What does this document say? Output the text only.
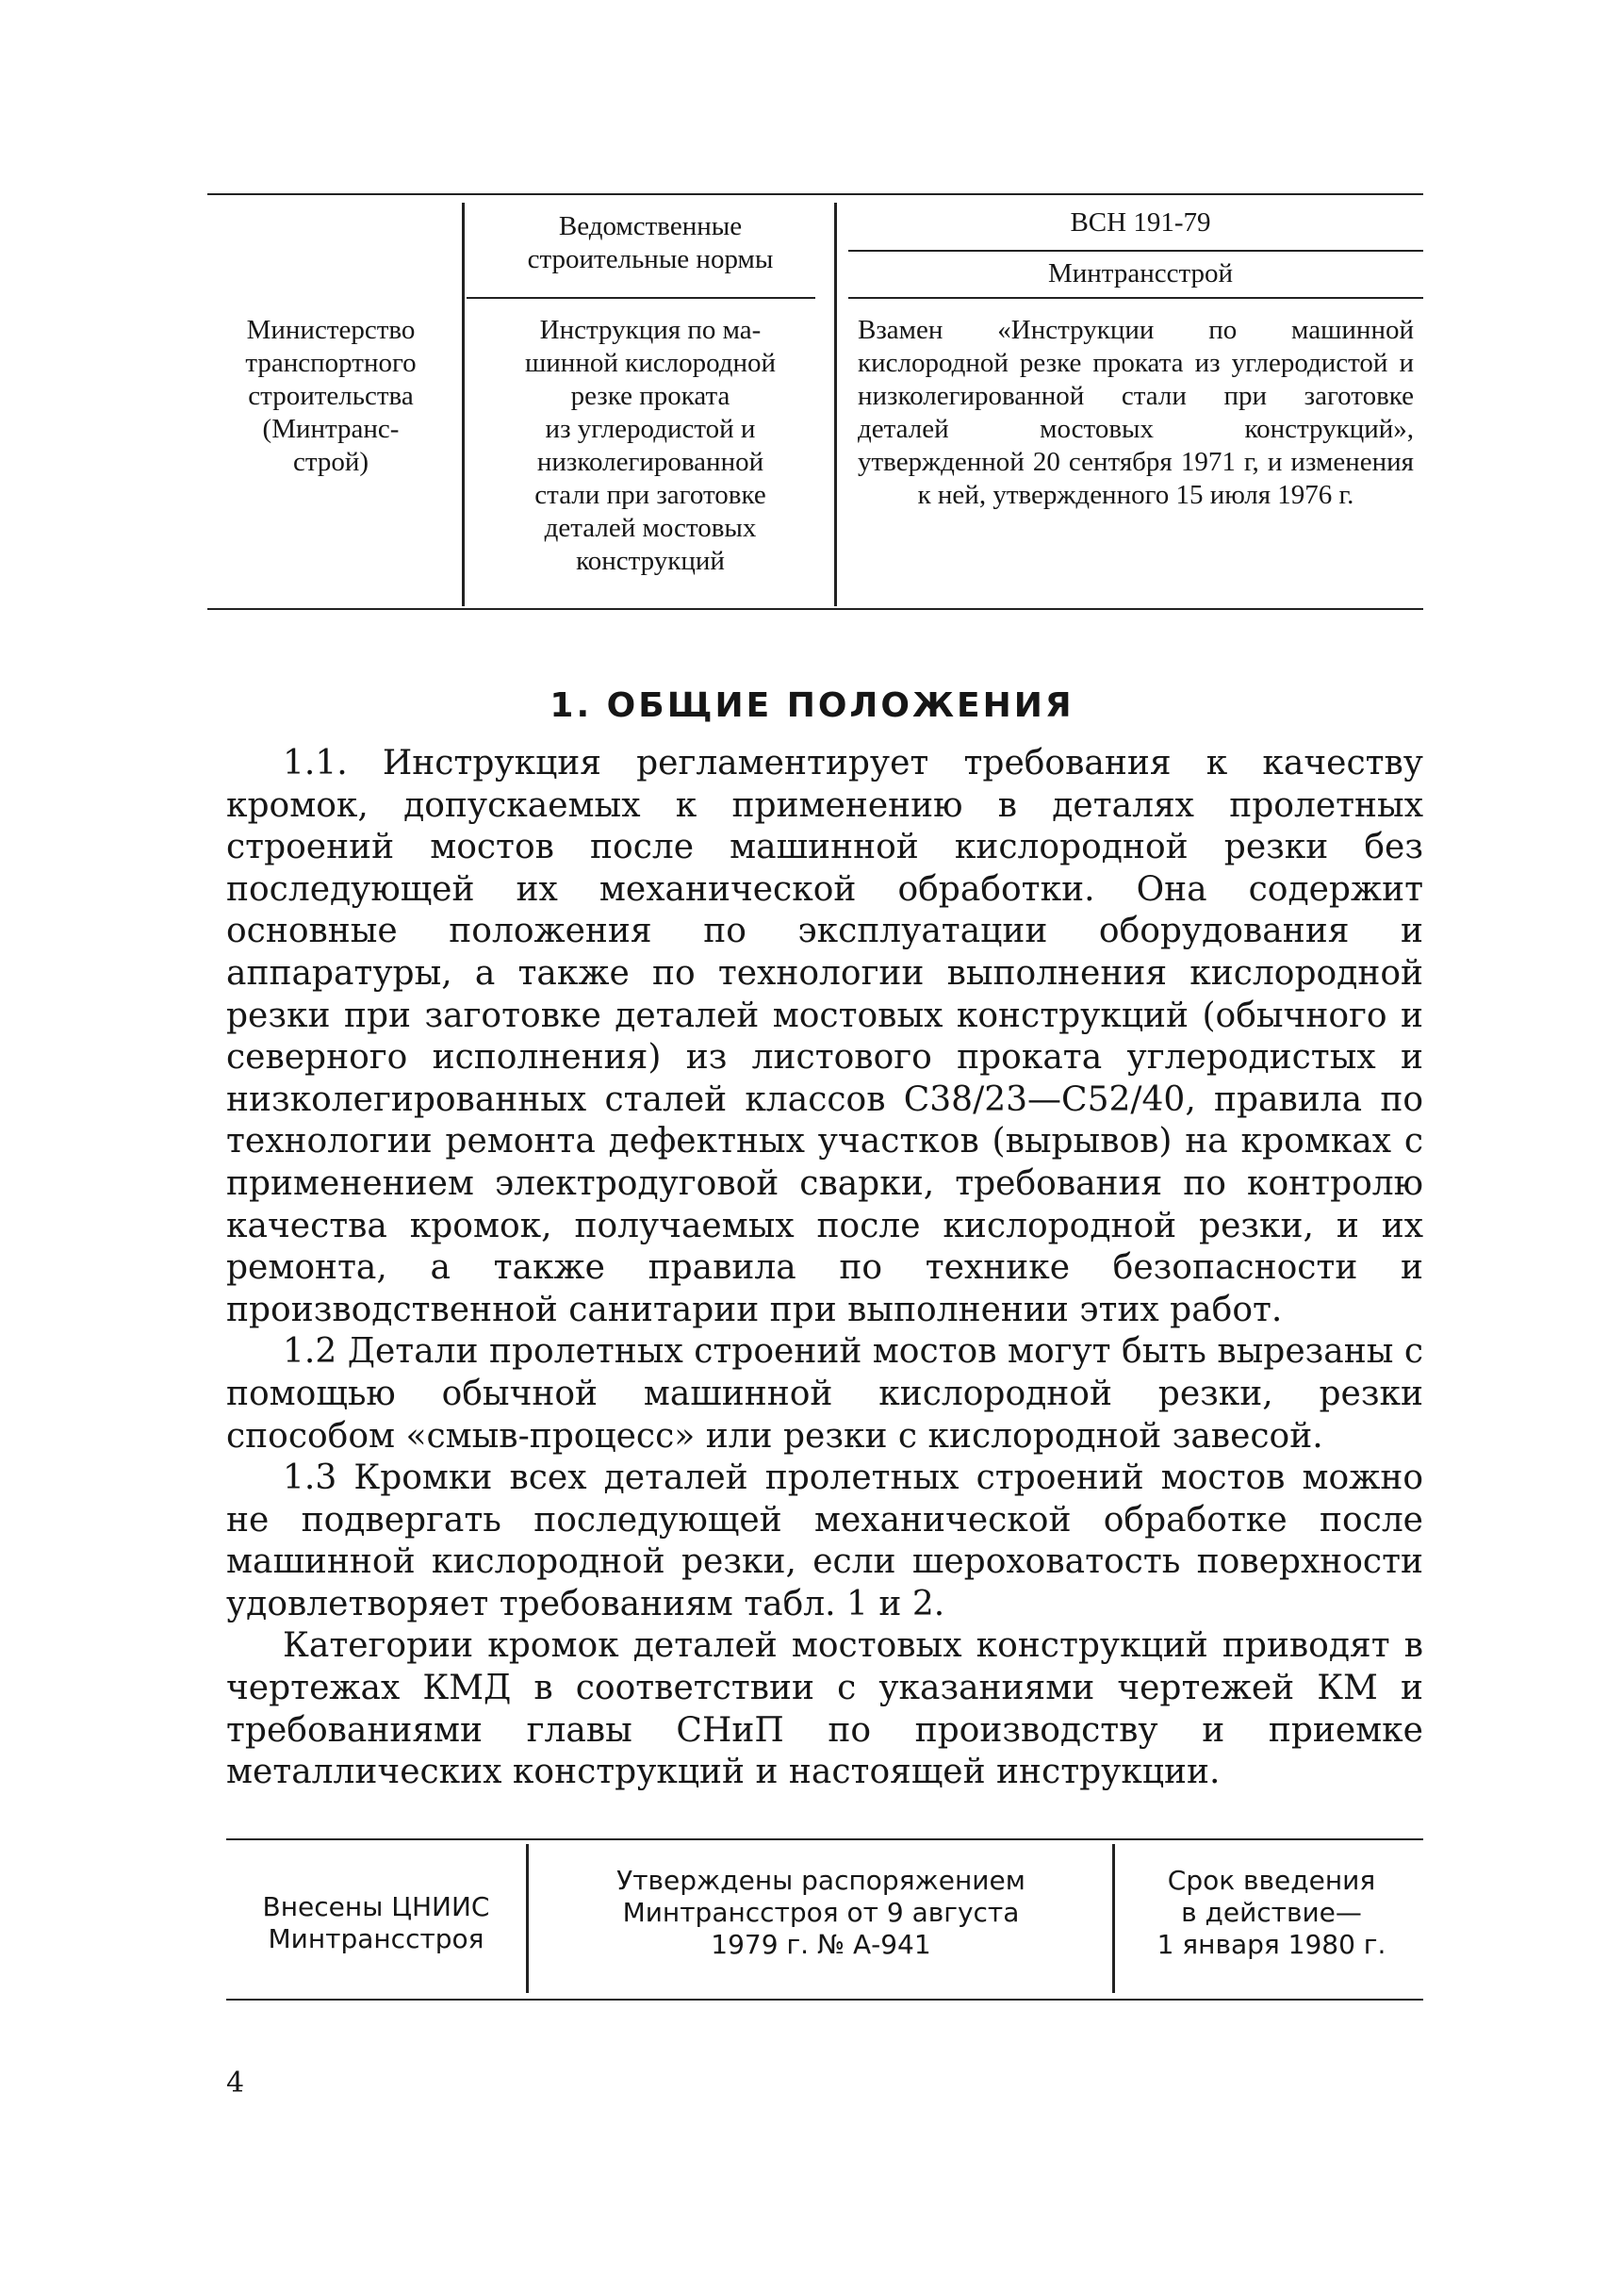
Министерство
транспортного
строительства
(Минтранс-
строй)
Ведомственные
строительные нормы
Инструкция по ма-
шинной кислородной
резке проката
из углеродистой и
низколегированной
стали при заготовке
деталей мостовых
конструкций
ВСН 191-79
Минтрансстрой
Взамен «Инструкции по машинной кислородной резке проката из углеродистой и низколегированной стали при заготовке деталей мостовых конструкций», утвержденной 20 сентября 1971 г, и изменения к ней, утвержденного 15 июля 1976 г.
1. ОБЩИЕ ПОЛОЖЕНИЯ

1.1. Инструкция регламентирует требования к качеству кромок, допускаемых к применению в деталях пролетных строений мостов после машинной кислородной резки без последующей их механической обработки. Она содержит основные положения по эксплуатации оборудования и аппаратуры, а также по технологии выполнения кислородной резки при заготовке деталей мостовых конструкций (обычного и северного исполнения) из листового проката углеродистых и низколегированных сталей классов С38/23—С52/40, правила по технологии ремонта дефектных участков (вырывов) на кромках с применением электродуговой сварки, требования по контролю качества кромок, получаемых после кислородной резки, и их ремонта, а также правила по технике безопасности и производственной санитарии при выполнении этих работ.

1.2 Детали пролетных строений мостов могут быть вырезаны с помощью обычной машинной кислородной резки, резки способом «смыв-процесс» или резки с кислородной завесой.

1.3 Кромки всех деталей пролетных строений мостов можно не подвергать последующей механической обработке после машинной кислородной резки, если шероховатость поверхности удовлетворяет требованиям табл. 1 и 2.

Категории кромок деталей мостовых конструкций приводят в чертежах КМД в соответствии с указаниями чертежей КМ и требованиями главы СНиП по производству и приемке металлических конструкций и настоящей инструкции.

Внесены ЦНИИС
Минтрансстроя
Утверждены распоряжением
Минтрансстроя от 9 августа
1979 г. № А-941
Срок введения
в действие—
1 января 1980 г.
4
